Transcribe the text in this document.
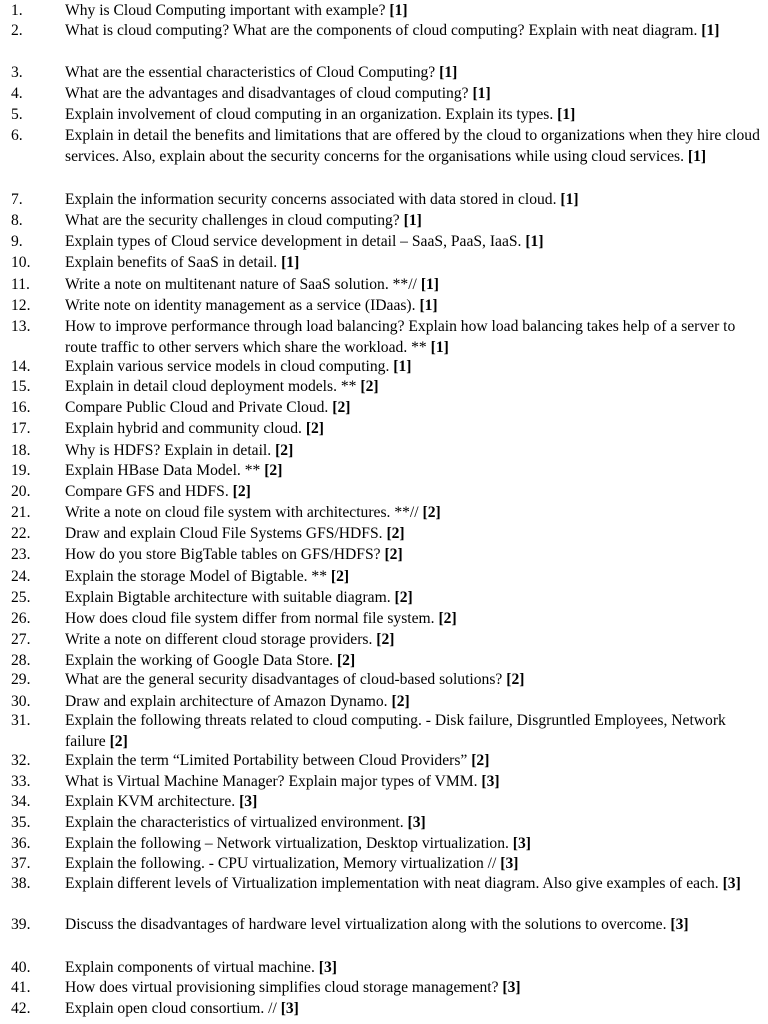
1.	Why is Cloud Computing important with example? [1]
2.	What is cloud computing? What are the components of cloud computing? Explain with neat diagram. [1]
3.	What are the essential characteristics of Cloud Computing? [1]
4.	What are the advantages and disadvantages of cloud computing? [1]
5.	Explain involvement of cloud computing in an organization. Explain its types. [1]
6.	Explain in detail the benefits and limitations that are offered by the cloud to organizations when they hire cloud services. Also, explain about the security concerns for the organisations while using cloud services. [1]
7.	Explain the information security concerns associated with data stored in cloud. [1]
8.	What are the security challenges in cloud computing? [1]
9.	Explain types of Cloud service development in detail – SaaS, PaaS, IaaS. [1]
10.	Explain benefits of SaaS in detail. [1]
11.	Write a note on multitenant nature of SaaS solution. **// [1]
12.	Write note on identity management as a service (IDaas). [1]
13.	How to improve performance through load balancing? Explain how load balancing takes help of a server to route traffic to other servers which share the workload. ** [1]
14.	Explain various service models in cloud computing. [1]
15.	Explain in detail cloud deployment models. ** [2]
16.	Compare Public Cloud and Private Cloud. [2]
17.	Explain hybrid and community cloud. [2]
18.	Why is HDFS? Explain in detail. [2]
19.	Explain HBase Data Model. ** [2]
20.	Compare GFS and HDFS. [2]
21.	Write a note on cloud file system with architectures. **// [2]
22.	Draw and explain Cloud File Systems GFS/HDFS. [2]
23.	How do you store BigTable tables on GFS/HDFS? [2]
24.	Explain the storage Model of Bigtable. ** [2]
25.	Explain Bigtable architecture with suitable diagram. [2]
26.	How does cloud file system differ from normal file system. [2]
27.	Write a note on different cloud storage providers. [2]
28.	Explain the working of Google Data Store. [2]
29.	What are the general security disadvantages of cloud-based solutions? [2]
30.	Draw and explain architecture of Amazon Dynamo. [2]
31.	Explain the following threats related to cloud computing. - Disk failure, Disgruntled Employees, Network failure [2]
32.	Explain the term “Limited Portability between Cloud Providers” [2]
33.	What is Virtual Machine Manager? Explain major types of VMM. [3]
34.	Explain KVM architecture. [3]
35.	Explain the characteristics of virtualized environment. [3]
36.	Explain the following – Network virtualization, Desktop virtualization. [3]
37.	Explain the following. - CPU virtualization, Memory virtualization // [3]
38.	Explain different levels of Virtualization implementation with neat diagram. Also give examples of each. [3]
39.	Discuss the disadvantages of hardware level virtualization along with the solutions to overcome. [3]
40.	Explain components of virtual machine. [3]
41.	How does virtual provisioning simplifies cloud storage management? [3]
42.	Explain open cloud consortium. // [3]
